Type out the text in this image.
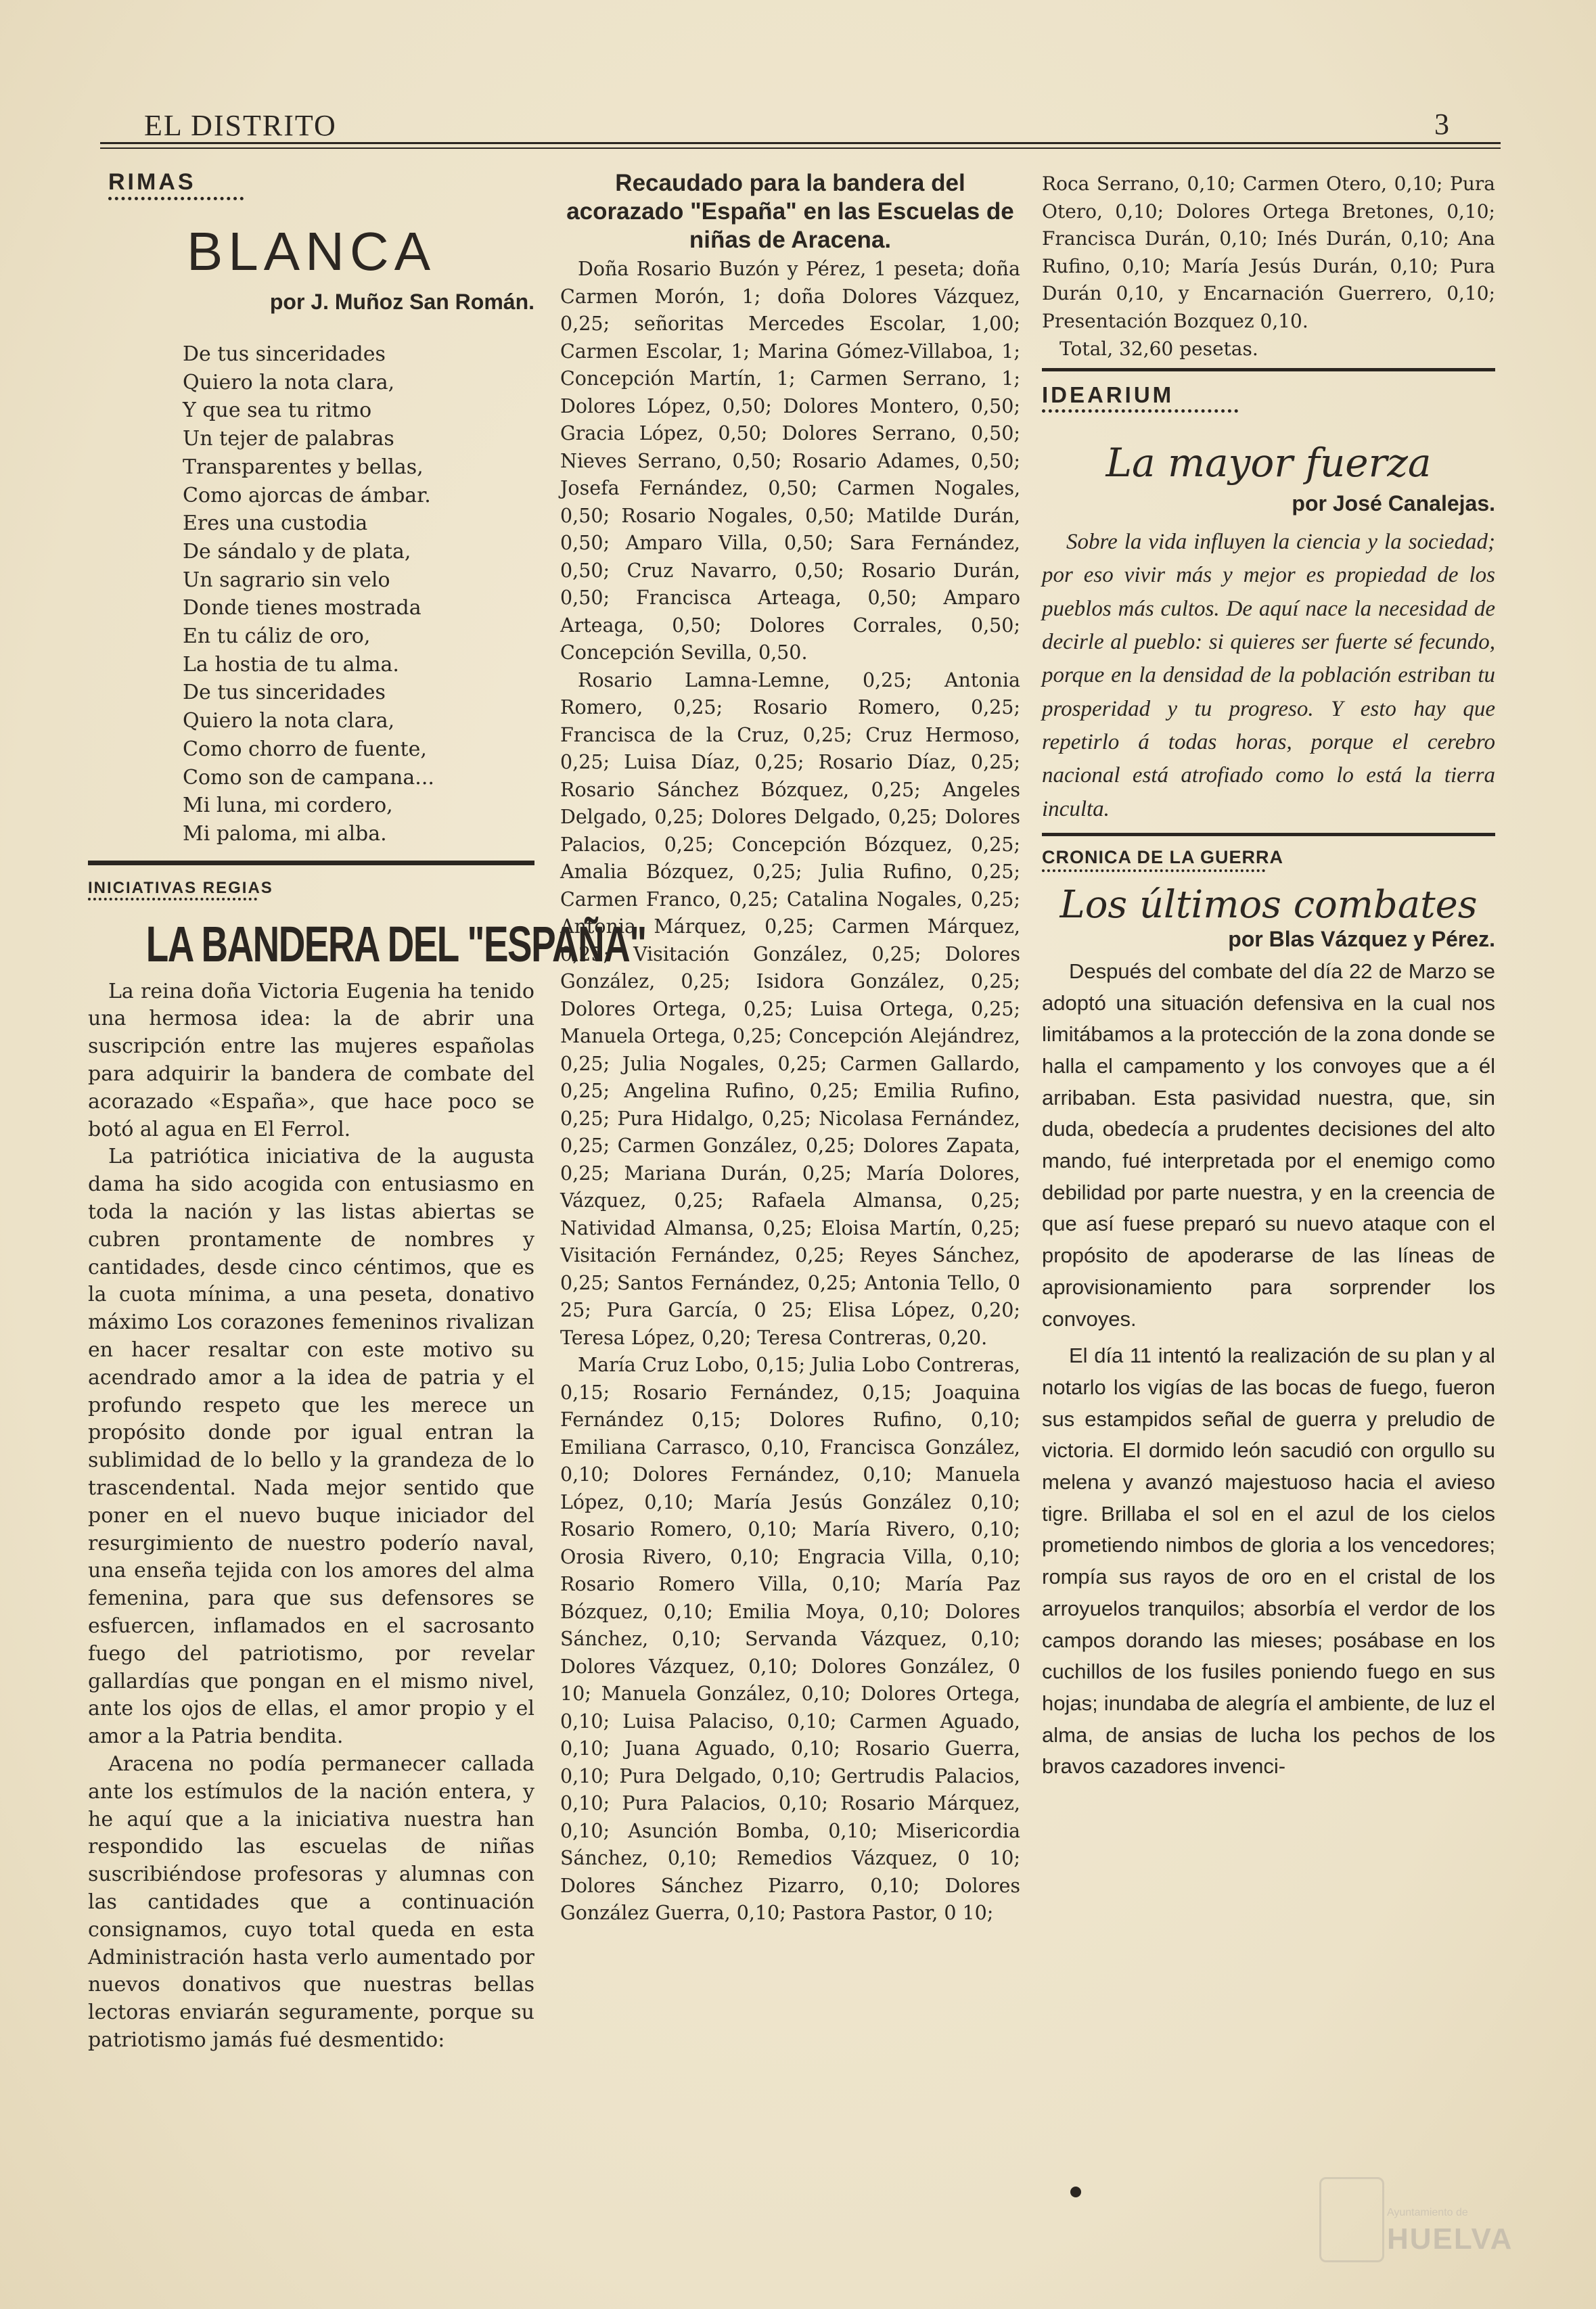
EL DISTRITO	3
RIMAS
BLANCA
por J. Muñoz San Román.
De tus sinceridades
Quiero la nota clara,
Y que sea tu ritmo
Un tejer de palabras
Transparentes y bellas,
Como ajorcas de ámbar.
Eres una custodia
De sándalo y de plata,
Un sagrario sin velo
Donde tienes mostrada
En tu cáliz de oro,
La hostia de tu alma.
De tus sinceridades
Quiero la nota clara,
Como chorro de fuente,
Como son de campana...
Mi luna, mi cordero,
Mi paloma, mi alba.
INICIATIVAS REGIAS
LA BANDERA DEL "ESPAÑA"

La reina doña Victoria Eugenia ha tenido una hermosa idea: la de abrir una suscripción entre las mujeres españolas para adquirir la bandera de combate del acorazado «España», que hace poco se botó al agua en El Ferrol.

La patriótica iniciativa de la augusta dama ha sido acogida con entusiasmo en toda la nación y las listas abiertas se cubren prontamente de nombres y cantidades, desde cinco céntimos, que es la cuota mínima, a una peseta, donativo máximo Los corazones femeninos rivalizan en hacer resaltar con este motivo su acendrado amor a la idea de patria y el profundo respeto que les merece un propósito donde por igual entran la sublimidad de lo bello y la grandeza de lo trascendental. Nada mejor sentido que poner en el nuevo buque iniciador del resurgimiento de nuestro poderío naval, una enseña tejida con los amores del alma femenina, para que sus defensores se esfuercen, inflamados en el sacrosanto fuego del patriotismo, por revelar gallardías que pongan en el mismo nivel, ante los ojos de ellas, el amor propio y el amor a la Patria bendita.

Aracena no podía permanecer callada ante los estímulos de la nación entera, y he aquí que a la iniciativa nuestra han respondido las escuelas de niñas suscribiéndose profesoras y alumnas con las cantidades que a continuación consignamos, cuyo total queda en esta Administración hasta verlo aumentado por nuevos donativos que nuestras bellas lectoras enviarán seguramente, porque su patriotismo jamás fué desmentido:

Recaudado para la bandera del acorazado "España" en las Escuelas de niñas de Aracena.

Doña Rosario Buzón y Pérez, 1 peseta; doña Carmen Morón, 1; doña Dolores Vázquez, 0,25; señoritas Mercedes Escolar, 1,00; Carmen Escolar, 1; Marina Gómez-Villaboa, 1; Concepción Martín, 1; Carmen Serrano, 1; Dolores López, 0,50; Dolores Montero, 0,50; Gracia López, 0,50; Dolores Serrano, 0,50; Nieves Serrano, 0,50; Rosario Adames, 0,50; Josefa Fernández, 0,50; Carmen Nogales, 0,50; Rosario Nogales, 0,50; Matilde Durán, 0,50; Amparo Villa, 0,50; Sara Fernández, 0,50; Cruz Navarro, 0,50; Rosario Durán, 0,50; Francisca Arteaga, 0,50; Amparo Arteaga, 0,50; Dolores Corrales, 0,50; Concepción Sevilla, 0,50.

Rosario Lamna-Lemne, 0,25; Antonia Romero, 0,25; Rosario Romero, 0,25; Francisca de la Cruz, 0,25; Cruz Hermoso, 0,25; Luisa Díaz, 0,25; Rosario Díaz, 0,25; Rosario Sánchez Bózquez, 0,25; Angeles Delgado, 0,25; Dolores Delgado, 0,25; Dolores Palacios, 0,25; Concepción Bózquez, 0,25; Amalia Bózquez, 0,25; Julia Rufino, 0,25; Carmen Franco, 0,25; Catalina Nogales, 0,25; Antonia Márquez, 0,25; Carmen Márquez, 0,25; Visitación González, 0,25; Dolores González, 0,25; Isidora González, 0,25; Dolores Ortega, 0,25; Luisa Ortega, 0,25; Manuela Ortega, 0,25; Concepción Alejándrez, 0,25; Julia Nogales, 0,25; Carmen Gallardo, 0,25; Angelina Rufino, 0,25; Emilia Rufino, 0,25; Pura Hidalgo, 0,25; Nicolasa Fernández, 0,25; Carmen González, 0,25; Dolores Zapata, 0,25; Mariana Durán, 0,25; María Dolores, Vázquez, 0,25; Rafaela Almansa, 0,25; Natividad Almansa, 0,25; Eloisa Martín, 0,25; Visitación Fernández, 0,25; Reyes Sánchez, 0,25; Santos Fernández, 0,25; Antonia Tello, 0 25; Pura García, 0 25; Elisa López, 0,20; Teresa López, 0,20; Teresa Contreras, 0,20.

María Cruz Lobo, 0,15; Julia Lobo Contreras, 0,15; Rosario Fernández, 0,15; Joaquina Fernández 0,15; Dolores Rufino, 0,10; Emiliana Carrasco, 0,10, Francisca González, 0,10; Dolores Fernández, 0,10; Manuela López, 0,10; María Jesús González 0,10; Rosario Romero, 0,10; María Rivero, 0,10; Orosia Rivero, 0,10; Engracia Villa, 0,10; Rosario Romero Villa, 0,10; María Paz Bózquez, 0,10; Emilia Moya, 0,10; Dolores Sánchez, 0,10; Servanda Vázquez, 0,10; Dolores Vázquez, 0,10; Dolores González, 0 10; Manuela González, 0,10; Dolores Ortega, 0,10; Luisa Palaciso, 0,10; Carmen Aguado, 0,10; Juana Aguado, 0,10; Rosario Guerra, 0,10; Pura Delgado, 0,10; Gertrudis Palacios, 0,10; Pura Palacios, 0,10; Rosario Márquez, 0,10; Asunción Bomba, 0,10; Misericordia Sánchez, 0,10; Remedios Vázquez, 0 10; Dolores Sánchez Pizarro, 0,10; Dolores González Guerra, 0,10; Pastora Pastor, 0 10;

Roca Serrano, 0,10; Carmen Otero, 0,10; Pura Otero, 0,10; Dolores Ortega Bretones, 0,10; Francisca Durán, 0,10; Inés Durán, 0,10; Ana Rufino, 0,10; María Jesús Durán, 0,10; Pura Durán 0,10, y Encarnación Guerrero, 0,10; Presentación Bozquez 0,10.

Total, 32,60 pesetas.

IDEARIUM
La mayor fuerza
por José Canalejas.
Sobre la vida influyen la ciencia y la sociedad; por eso vivir más y mejor es propiedad de los pueblos más cultos. De aquí nace la necesidad de decirle al pueblo: si quieres ser fuerte sé fecundo, porque en la densidad de la población estriban tu prosperidad y tu progreso. Y esto hay que repetirlo á todas horas, porque el cerebro nacional está atrofiado como lo está la tierra inculta.
CRONICA DE LA GUERRA
Los últimos combates
por Blas Vázquez y Pérez.

Después del combate del día 22 de Marzo se adoptó una situación defensiva en la cual nos limitábamos a la protección de la zona donde se halla el campamento y los convoyes que a él arribaban. Esta pasividad nuestra, que, sin duda, obedecía a prudentes decisiones del alto mando, fué interpretada por el enemigo como debilidad por parte nuestra, y en la creencia de que así fuese preparó su nuevo ataque con el propósito de apoderarse de las líneas de aprovisionamiento para sorprender los convoyes.

El día 11 intentó la realización de su plan y al notarlo los vigías de las bocas de fuego, fueron sus estampidos señal de guerra y preludio de victoria. El dormido león sacudió con orgullo su melena y avanzó majestuoso hacia el avieso tigre. Brillaba el sol en el azul de los cielos prometiendo nimbos de gloria a los vencedores; rompía sus rayos de oro en el cristal de los arroyuelos tranquilos; absorbía el verdor de los campos dorando las mieses; posábase en los cuchillos de los fusiles poniendo fuego en sus hojas; inundaba de alegría el ambiente, de luz el alma, de ansias de lucha los pechos de los bravos cazadores invenci-

Ayuntamiento de
HUELVA
